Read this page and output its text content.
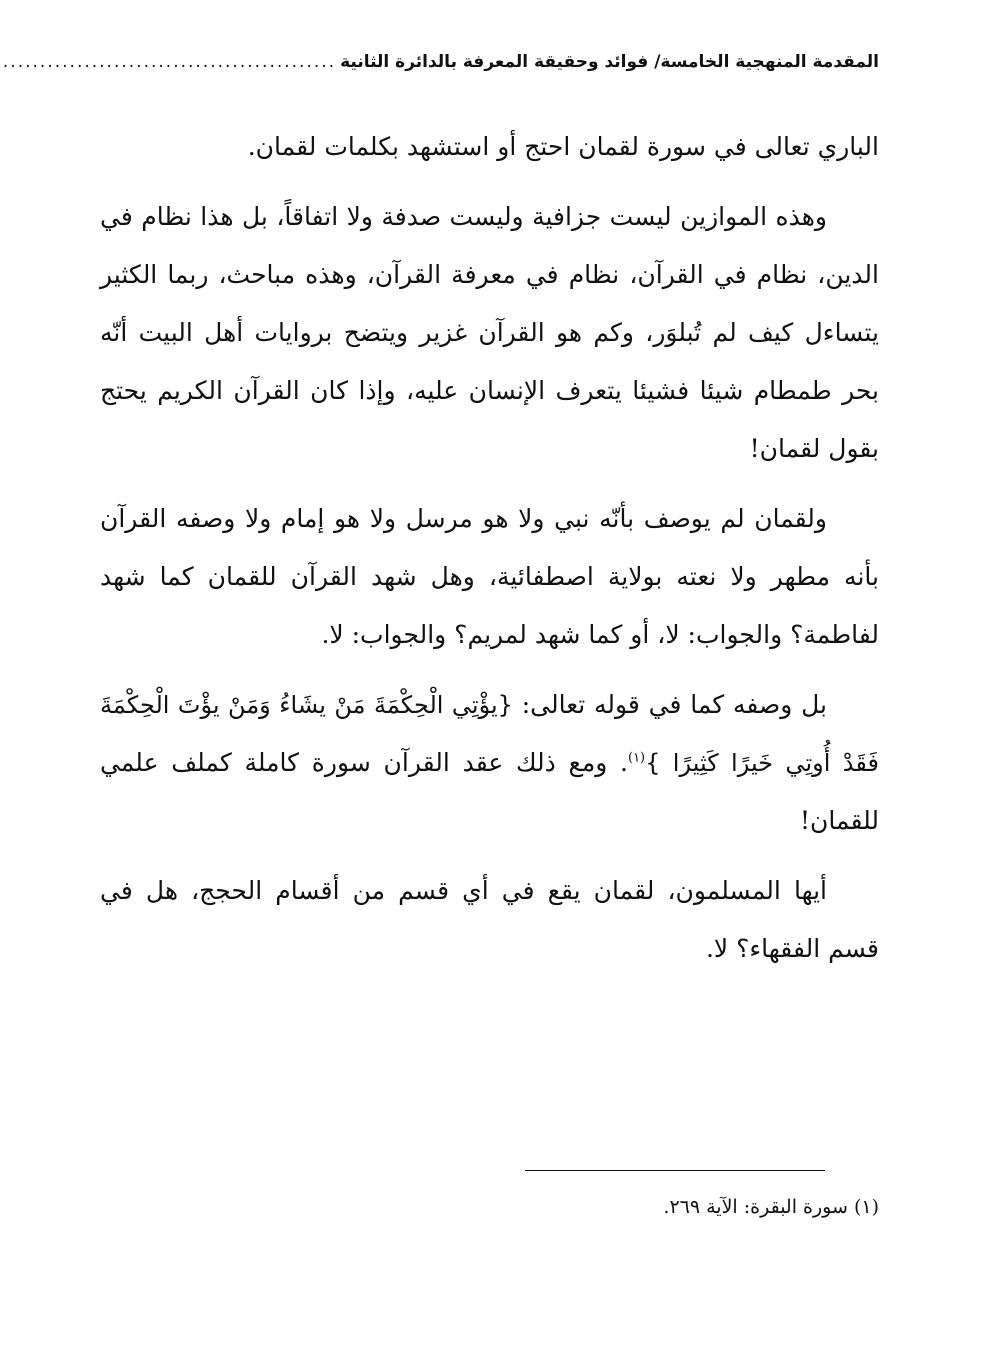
المقدمة المنهجية الخامسة/ فوائد وحقيقة المعرفة بالدائرة الثانية
.............................................

الباري تعالى في سورة لقمان احتج أو استشهد بكلمات لقمان.

وهذه الموازين ليست جزافية وليست صدفة ولا اتفاقاً، بل هذا نظام في الدين، نظام في القرآن، نظام في معرفة القرآن، وهذه مباحث، ربما الكثير يتساءل كيف لم تُبلوَر، وكم هو القرآن غزير ويتضح بروايات أهل البيت أنّه بحر طمطام شيئا فشيئا يتعرف الإنسان عليه، وإذا كان القرآن الكريم يحتج بقول لقمان!

ولقمان لم يوصف بأنّه نبي ولا هو مرسل ولا هو إمام ولا وصفه القرآن بأنه مطهر ولا نعته بولاية اصطفائية، وهل شهد القرآن للقمان كما شهد لفاطمة؟ والجواب: لا، أو كما شهد لمريم؟ والجواب: لا.

بل وصفه كما في قوله تعالى: {يؤْتِي الْحِكْمَةَ مَنْ يشَاءُ وَمَنْ يؤْتَ الْحِكْمَةَ فَقَدْ أُوتِي خَيرًا كَثِيرًا }$^{(١)}$. ومع ذلك عقد القرآن سورة كاملة كملف علمي للقمان!

أيها المسلمون، لقمان يقع في أي قسم من أقسام الحجج، هل في قسم الفقهاء؟ لا.

(١) سورة البقرة: الآية ٢٦٩.
